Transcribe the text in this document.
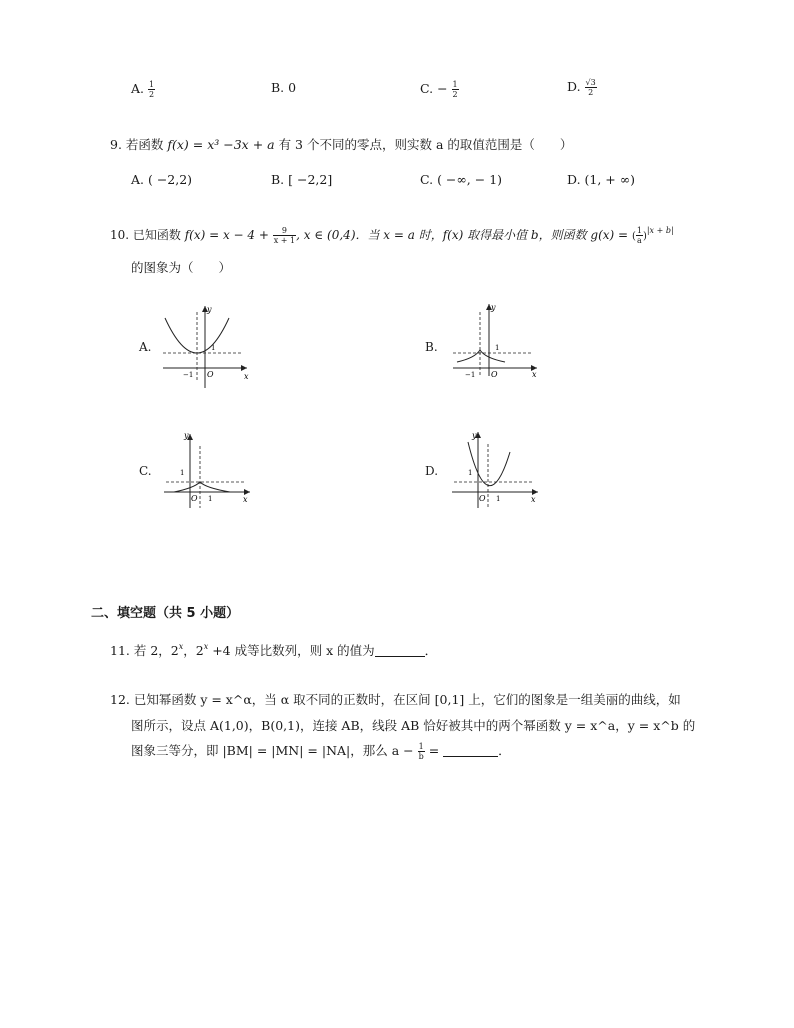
A. $\frac{1}{2}$	B. 0	C. − $\frac{1}{2}$	D. $\frac{√3}{2}$
9. 若函数 f(x) = x³ −3x + a 有 3 个不同的零点，则实数 a 的取值范围是（　　）
A. ( −2,2)	B. [ −2,2]	C. ( −∞, − 1)	D. (1, + ∞)
10. 已知函数 $f(x) = x - 4 + \frac{9}{x + 1}$ , x ∈ (0,4)．当 x = a 时，f(x) 取得最小值 b，则函数 g(x) = ( $\frac{1}{a} )^{|x + b|}$
的图象为（　　）
A.
y
x
1
O
−1
B.
y
x
1
O
−1
C.
y
x
1
O 1
D.
y
x
1
O 1
二、填空题（共 5 小题）
11. 若 2，2$^x$，$2^x +4$ 成等比数列，则 x 的值为	．
12. 已知幂函数 y = x^α，当 α 取不同的正数时，在区间 [0,1] 上，它们的图象是一组美丽的曲线，如
图所示，设点 A(1,0)，B(0,1)，连接 AB，线段 AB 恰好被其中的两个幂函数 y = x^a，y = x^b 的
图象三等分，即 |BM| = |MN| = |NA|，那么 $a - \frac{1}{b}$ =	．
